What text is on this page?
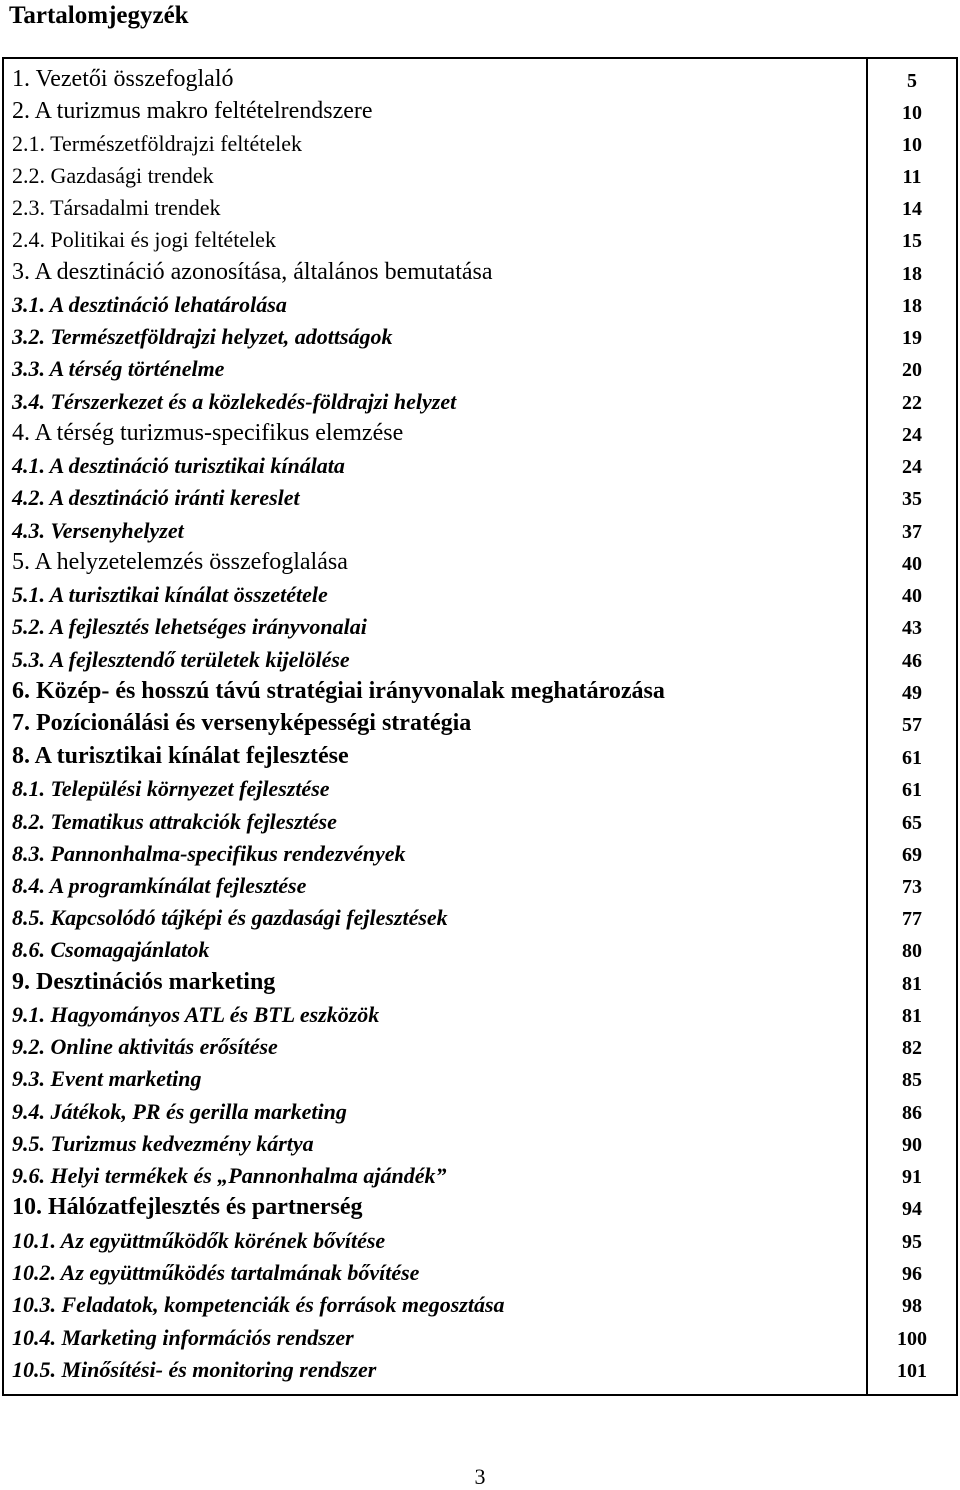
Tartalomjegyzék
1. Vezetői összefoglaló	5
2. A turizmus makro feltételrendszere	10
2.1. Természetföldrajzi feltételek	10
2.2. Gazdasági trendek	11
2.3. Társadalmi trendek	14
2.4. Politikai és jogi feltételek	15
3. A desztináció azonosítása, általános bemutatása	18
3.1. A desztináció lehatárolása	18
3.2. Természetföldrajzi helyzet, adottságok	19
3.3. A térség történelme	20
3.4. Térszerkezet és a közlekedés-földrajzi helyzet	22
4. A térség turizmus-specifikus elemzése	24
4.1. A desztináció turisztikai kínálata	24
4.2. A desztináció iránti kereslet	35
4.3. Versenyhelyzet	37
5. A helyzetelemzés összefoglalása	40
5.1. A turisztikai kínálat összetétele	40
5.2. A fejlesztés lehetséges irányvonalai	43
5.3. A fejlesztendő területek kijelölése	46
6. Közép- és hosszú távú stratégiai irányvonalak meghatározása	49
7. Pozícionálási és versenyképességi stratégia	57
8. A turisztikai kínálat fejlesztése	61
8.1. Települési környezet fejlesztése	61
8.2. Tematikus attrakciók fejlesztése	65
8.3. Pannonhalma-specifikus rendezvények	69
8.4. A programkínálat fejlesztése	73
8.5. Kapcsolódó tájképi és gazdasági fejlesztések	77
8.6. Csomagajánlatok	80
9. Desztinációs marketing	81
9.1. Hagyományos ATL és BTL eszközök	81
9.2. Online aktivitás erősítése	82
9.3. Event marketing	85
9.4. Játékok, PR és gerilla marketing	86
9.5. Turizmus kedvezmény kártya	90
9.6. Helyi termékek és „Pannonhalma ajándék”	91
10. Hálózatfejlesztés és partnerség	94
10.1. Az együttműködők körének bővítése	95
10.2. Az együttműködés tartalmának bővítése	96
10.3. Feladatok, kompetenciák és források megosztása	98
10.4. Marketing információs rendszer	100
10.5. Minősítési- és monitoring rendszer	101
3
